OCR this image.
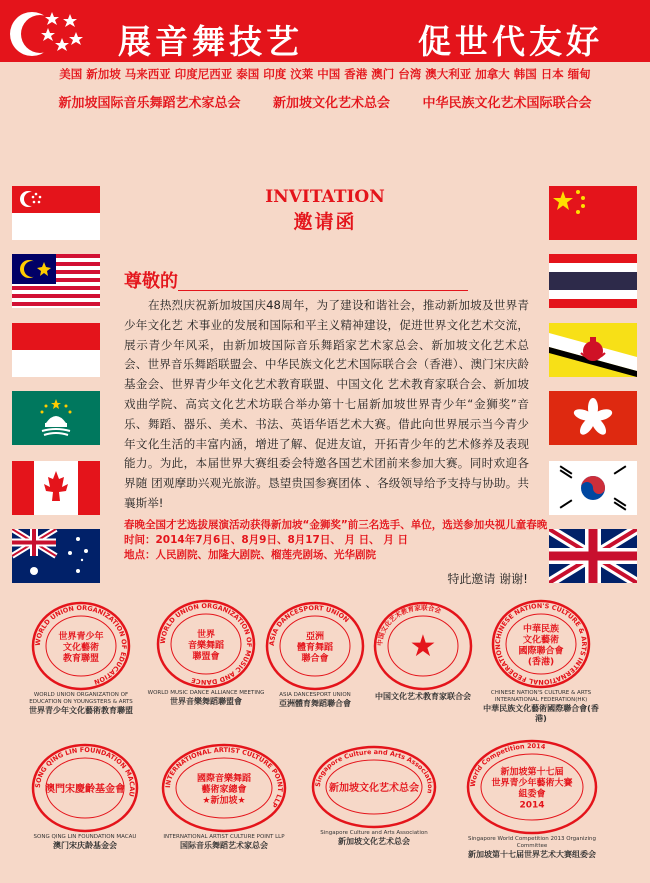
展音舞技艺	促世代友好
美国 新加坡 马来西亚 印度尼西亚 泰国 印度 汶莱 中国 香港 澳门 台湾 澳大利亚 加拿大 韩国 日本 缅甸
新加坡国际音乐舞蹈艺术家总会	新加坡文化艺术总会	中华民族文化艺术国际联合会
INVITATION
邀请函
尊敬的
在热烈庆祝新加坡国庆48周年，为了建设和谐社会，推动新加坡及世界青少年文化艺 术事业的发展和国际和平主义精神建设，促进世界文化艺术交流，展示青少年风采，由新加坡国际音乐舞蹈家艺术家总会、新加坡文化艺术总会、世界音乐舞蹈联盟会、中华民族文化艺术国际联合会（香港）、澳门宋庆龄基金会、世界青少年文化艺术教育联盟、中国文化 艺术教育家联合会、新加坡戏曲学院、高宾文化艺术坊联合举办第十七届新加坡世界青少年“金狮奖”音乐、舞蹈、器乐、美术、书法、英语华语艺术大赛。借此向世界展示当今青少年文化生活的丰富内涵，增进了解、促进友谊，开拓青少年的艺术修养及表现能力。为此，本届世界大赛组委会特邀各国艺术团前来参加大赛。同时欢迎各界随 团观摩助兴观光旅游。恳望贵国参赛团体 、各级领导给予支持与协助。共襄斯举!
春晚全国才艺选拔展演活动获得新加坡“金狮奖”前三名选手、单位，选送参加央视儿童春晚
时间：2014年7月6日、8月9日、8月17日、 月 日、 月 日
地点：人民剧院、加隆大剧院、榴莲壳剧场、光华剧院
特此邀请 谢谢!
WORLD UNION ORGANIZATION OF EDUCATION
世界青少年
文化藝術
教育聯盟
WORLD UNION ORGANIZATION OF EDUCATION ON YOUNGSTERS & ARTS
世界青少年文化藝術教育聯盟
WORLD UNION ORGANIZATION OF MUSIC AND DANCE
世界
音樂舞蹈
聯盟會
WORLD MUSIC DANCE ALLIANCE MEETING
世界音樂舞蹈聯盟會
ASIA DANCESPORT UNION
亞洲
體育舞蹈
聯合會
ASIA DANCESPORT UNION
亞洲體育舞蹈聯合會
中国文化艺术教育家联合会
★
中国文化艺术教育家联合会
CHINESE NATION'S CULTURE & ARTS INTERNATIONAL FEDERATION
中華民族
文化藝術
國際聯合會
(香港)
CHINESE NATION'S CULTURE & ARTS INTERNATIONAL FEDERATION(HK)
中華民族文化藝術國際聯合會(香港)
SONG QING LIN FOUNDATION MACAU
澳門宋慶齡基金會
SONG QING LIN FOUNDATION MACAU
澳门宋庆龄基金会
INTERNATIONAL ARTIST CULTURE POINT LLP
國際音樂舞蹈
藝術家總會
★新加坡★
INTERNATIONAL ARTIST CULTURE POINT LLP
国际音乐舞蹈艺术家总会
Singapore Culture and Arts Association
新加坡文化艺术总会
Singapore Culture and Arts Association
新加坡文化艺术总会
World Competition 2014
新加坡第十七屆
世界青少年藝術大賽
組委會
2014
Singapore World Competition 2013 Organizing Committee
新加坡第十七届世界艺术大赛组委会
